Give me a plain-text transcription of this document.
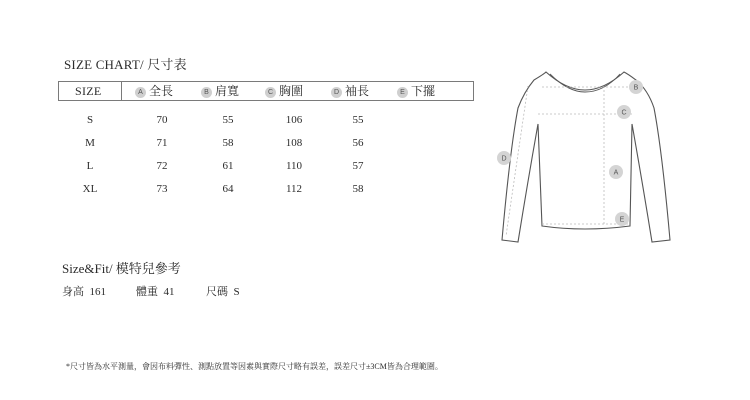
SIZE CHART/ 尺寸表
SIZE	A 全長	B 肩寬	C 胸圍	D 袖長	E 下擺
S	70	55	106	55
M	71	58	108	56
L	72	61	110	57
XL	73	64	112	58
B
C
D
A
E
Size&Fit/ 模特兒參考
身高 161	體重 41	尺碼 S
*尺寸皆為水平測量，會因布料彈性、測點放置等因素與實際尺寸略有誤差，誤差尺寸±3CM皆為合理範圍。
